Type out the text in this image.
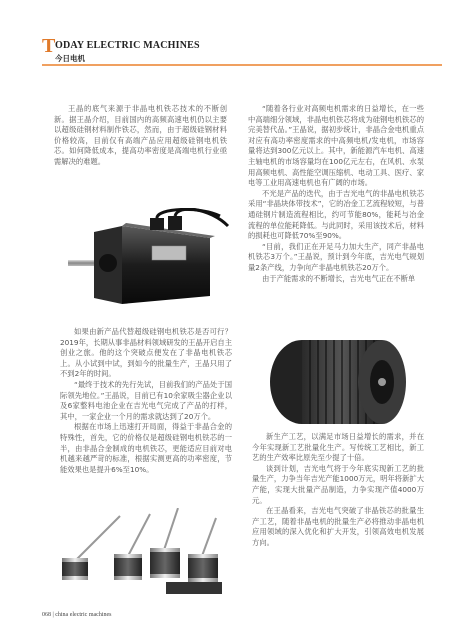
T ODAY ELECTRIC MACHINES
今日电机

王晶的底气来源于非晶电机铁芯技术的不断创新。据王晶介绍，目前国内的高频高速电机仍以主要以超级硅钢材料制作铁芯，然而，由于超级硅钢材料价格较高，目前仅有高端产品应用超级硅钢电机铁芯。如何降低成本，提高功率密度是高端电机行业亟需解决的难题。

“随着各行业对高频电机需求的日益增长，在一些中高端细分领域，非晶电机铁芯将成为硅钢电机铁芯的完美替代品。”王晶说，据初步统计，非晶合金电机重点对应有高功率密度需求的中高频电机/发电机，市场容量将达到300亿元以上。其中，新能源汽车电机、高速主轴电机的市场容量均在100亿元左右，在风机、水泵用高频电机、高性能空调压缩机、电动工具、医疗、家电等工业用高速电机也有广阔的市场。

不光是产品的迭代，由于吉光电气的非晶电机铁芯采用“非晶块体带技术”，它的冶金工艺流程较短，与普通硅钢片制造流程相比，约可节能80%，能耗与冶金流程的单位能耗降低。与此同时，采用该技术后，材料的损耗也可降低70%至90%。

“目前，我们正在开足马力加大生产，同产非晶电机铁芯3万个。”王晶说，预计到今年底，吉光电气规划量2条产线，力争向产非晶电机铁芯20万个。

由于产能需求的不断增长，吉光电气正在不断单

如果由新产品代替超级硅钢电机铁芯是否可行？2019年，长期从事非晶材料领域研发的王晶开启自主创业之旅。他的这个突破点便发在了非晶电机铁芯上。从小试到中试，到如今的批量生产，王晶只用了不到2年的时间。

“最终于技术的先行先试，目前我们的产品处于国际领先地位。”王晶说，目前已有10余家吸尘器企业以及6家整料电池企业在吉光电气完成了产品的打样，其中，一家企业一个月的需求就达到了20万个。

根据在市场上迅速打开局面，得益于非晶合金的特殊性，首先，它的价格仅是超级硅钢电机铁芯的一半，由非晶合金制成的电机铁芯，更能适应目前对电机越来越严苛的标准，根据实测更高的功率密度，节能效果也是提升6%至10%。

新生产工艺，以满足市场日益增长的需求，并在今年实现新工艺批量化生产。写传统工艺相比，新工艺的生产效率比原先至少提了十倍。

谈到计划，吉光电气将于今年底实现新工艺的批量生产，力争当年吉光产能1000万元，明年将新扩大产能，实现大批量产品制造，力争实现产值4000万元。

在王晶看来，吉光电气突破了非晶铁芯的批量生产工艺，随着非晶电机的批量生产必将推动非晶电机应用领域的深入优化和扩大开发，引领高效电机发展方向。

068 | china electric machines
